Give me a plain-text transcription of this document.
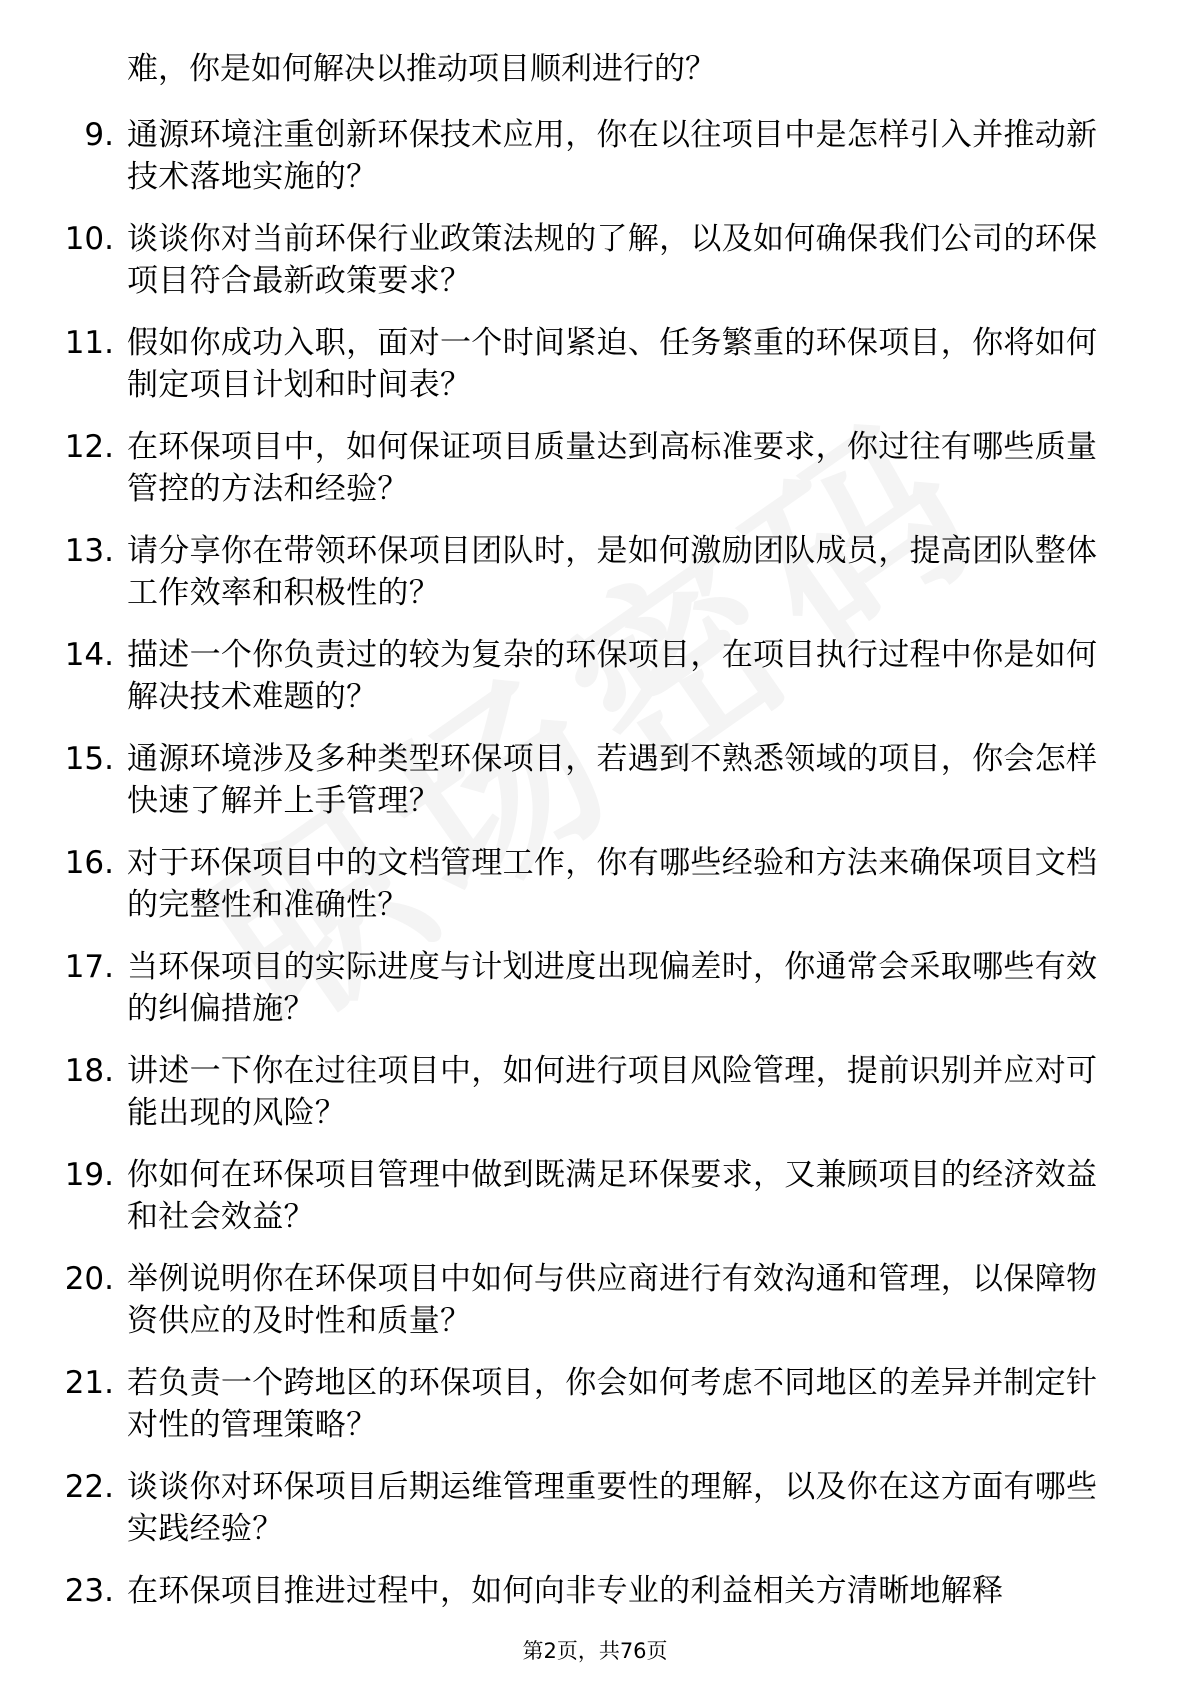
难，你是如何解决以推动项目顺利进行的？
9. 通源环境注重创新环保技术应用，你在以往项目中是怎样引入并推动新技术落地实施的？
10. 谈谈你对当前环保行业政策法规的了解，以及如何确保我们公司的环保项目符合最新政策要求？
11. 假如你成功入职，面对一个时间紧迫、任务繁重的环保项目，你将如何制定项目计划和时间表？
12. 在环保项目中，如何保证项目质量达到高标准要求，你过往有哪些质量管控的方法和经验？
13. 请分享你在带领环保项目团队时，是如何激励团队成员，提高团队整体工作效率和积极性的？
14. 描述一个你负责过的较为复杂的环保项目，在项目执行过程中你是如何解决技术难题的？
15. 通源环境涉及多种类型环保项目，若遇到不熟悉领域的项目，你会怎样快速了解并上手管理？
16. 对于环保项目中的文档管理工作，你有哪些经验和方法来确保项目文档的完整性和准确性？
17. 当环保项目的实际进度与计划进度出现偏差时，你通常会采取哪些有效的纠偏措施？
18. 讲述一下你在过往项目中，如何进行项目风险管理，提前识别并应对可能出现的风险？
19. 你如何在环保项目管理中做到既满足环保要求，又兼顾项目的经济效益和社会效益？
20. 举例说明你在环保项目中如何与供应商进行有效沟通和管理，以保障物资供应的及时性和质量？
21. 若负责一个跨地区的环保项目，你会如何考虑不同地区的差异并制定针对性的管理策略？
22. 谈谈你对环保项目后期运维管理重要性的理解，以及你在这方面有哪些实践经验？
23. 在环保项目推进过程中，如何向非专业的利益相关方清晰地解释
第2页，共76页
